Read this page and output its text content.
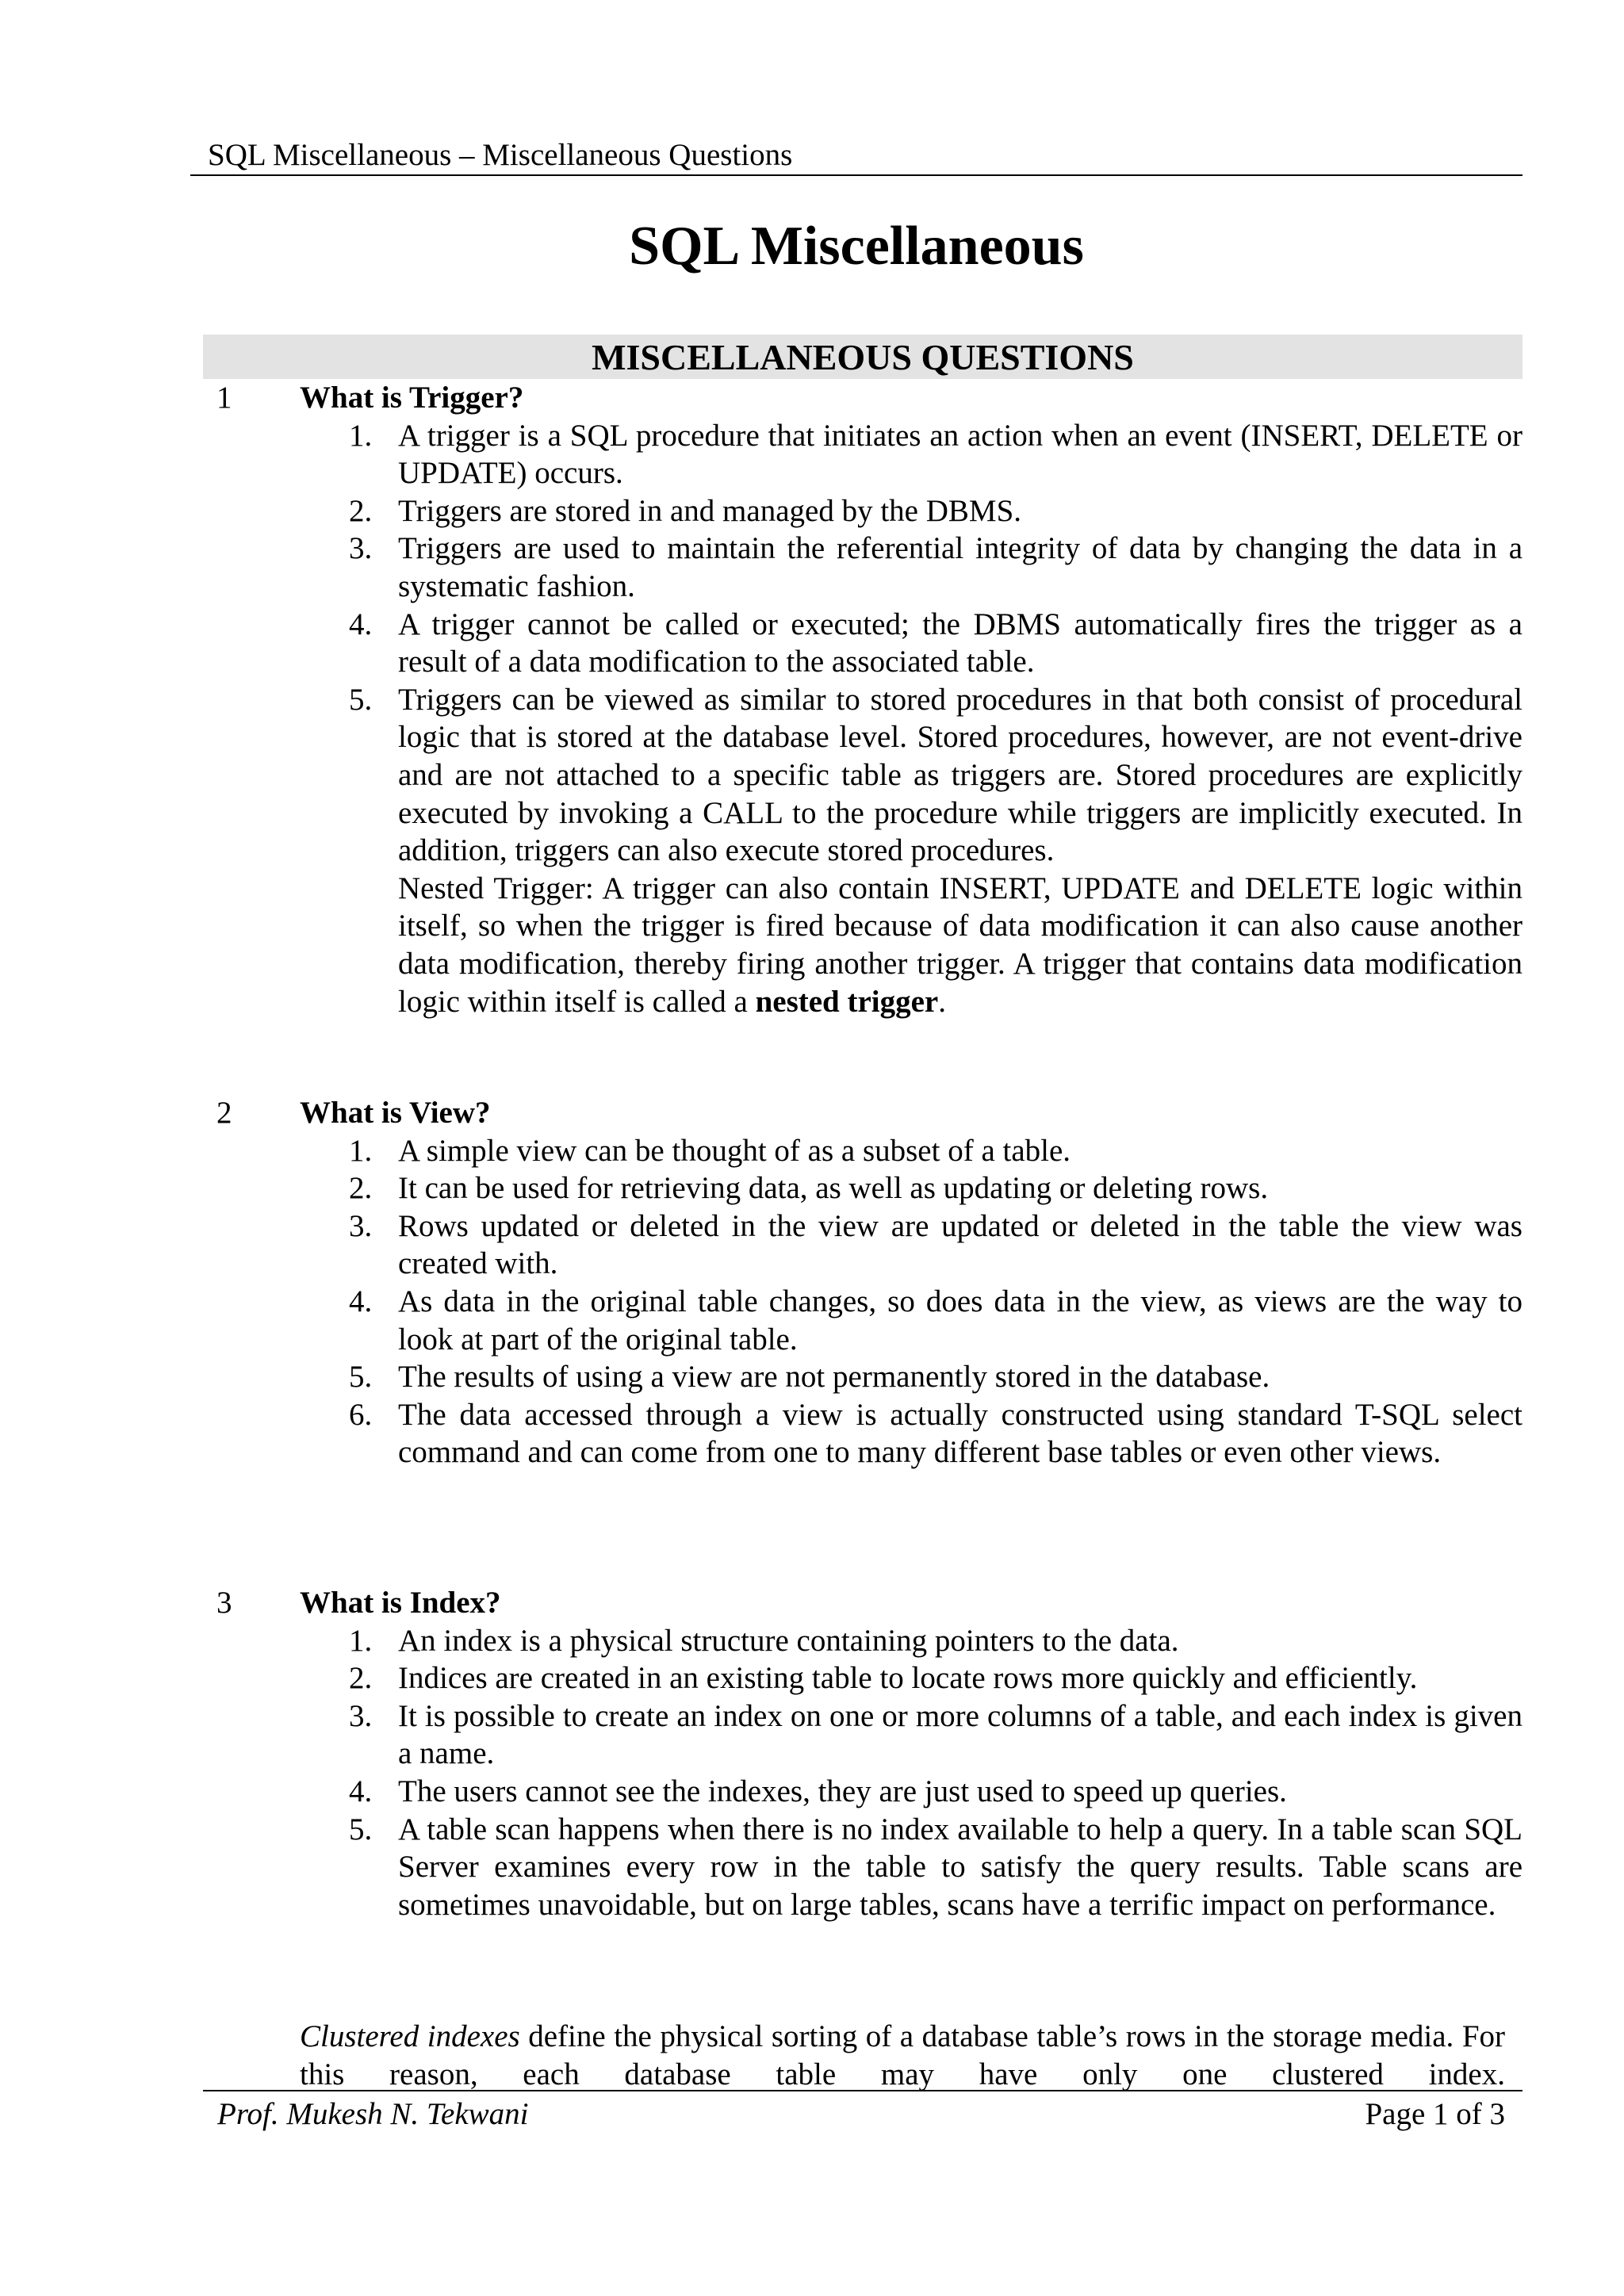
SQL Miscellaneous – Miscellaneous Questions
SQL Miscellaneous
MISCELLANEOUS QUESTIONS
1 What is Trigger?
1. A trigger is a SQL procedure that initiates an action when an event (INSERT, DELETE or UPDATE) occurs.
2. Triggers are stored in and managed by the DBMS.
3. Triggers are used to maintain the referential integrity of data by changing the data in a systematic fashion.
4. A trigger cannot be called or executed; the DBMS automatically fires the trigger as a result of a data modification to the associated table.
5. Triggers can be viewed as similar to stored procedures in that both consist of procedural logic that is stored at the database level. Stored procedures, however, are not event-drive and are not attached to a specific table as triggers are. Stored procedures are explicitly executed by invoking a CALL to the procedure while triggers are implicitly executed. In addition, triggers can also execute stored procedures.
Nested Trigger: A trigger can also contain INSERT, UPDATE and DELETE logic within itself, so when the trigger is fired because of data modification it can also cause another data modification, thereby firing another trigger. A trigger that contains data modification logic within itself is called a nested trigger.
2 What is View?
1. A simple view can be thought of as a subset of a table.
2. It can be used for retrieving data, as well as updating or deleting rows.
3. Rows updated or deleted in the view are updated or deleted in the table the view was created with.
4. As data in the original table changes, so does data in the view, as views are the way to look at part of the original table.
5. The results of using a view are not permanently stored in the database.
6. The data accessed through a view is actually constructed using standard T-SQL select command and can come from one to many different base tables or even other views.
3 What is Index?
1. An index is a physical structure containing pointers to the data.
2. Indices are created in an existing table to locate rows more quickly and efficiently.
3. It is possible to create an index on one or more columns of a table, and each index is given a name.
4. The users cannot see the indexes, they are just used to speed up queries.
5. A table scan happens when there is no index available to help a query. In a table scan SQL Server examines every row in the table to satisfy the query results. Table scans are sometimes unavoidable, but on large tables, scans have a terrific impact on performance.
Clustered indexes define the physical sorting of a database table’s rows in the storage media. For this reason, each database table may have only one clustered index.
Prof. Mukesh N. Tekwani	Page 1 of 3
